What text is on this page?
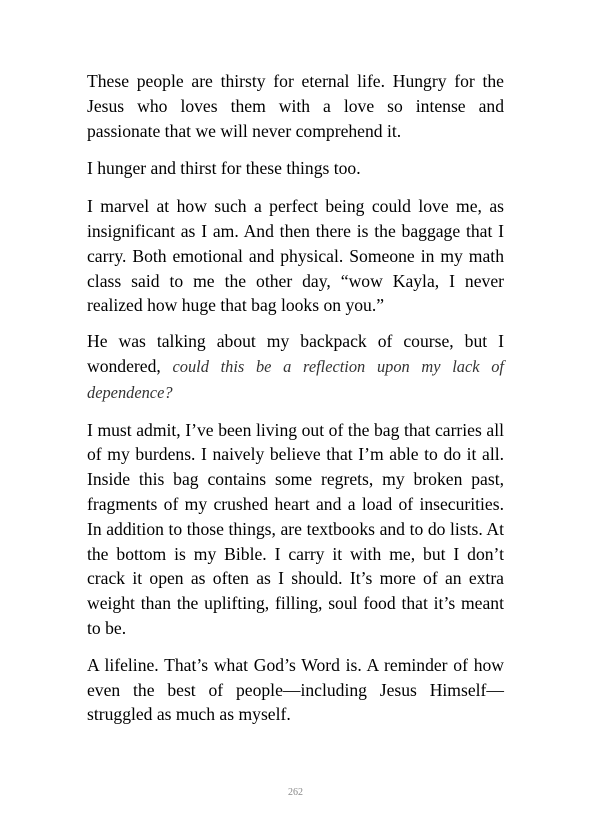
These people are thirsty for eternal life. Hungry for the Jesus who loves them with a love so intense and passionate that we will never comprehend it.

I hunger and thirst for these things too.

I marvel at how such a perfect being could love me, as insignificant as I am. And then there is the baggage that I carry. Both emotional and physical. Someone in my math class said to me the other day, “wow Kayla, I never realized how huge that bag looks on you.”

He was talking about my backpack of course, but I wondered, could this be a reflection upon my lack of dependence?

I must admit, I’ve been living out of the bag that carries all of my burdens. I naively believe that I’m able to do it all. Inside this bag contains some regrets, my broken past, fragments of my crushed heart and a load of insecurities. In addition to those things, are textbooks and to do lists. At the bottom is my Bible. I carry it with me, but I don’t crack it open as often as I should. It’s more of an extra weight than the uplifting, filling, soul food that it’s meant to be.

A lifeline. That’s what God’s Word is. A reminder of how even the best of people—including Jesus Himself—struggled as much as myself.

262
